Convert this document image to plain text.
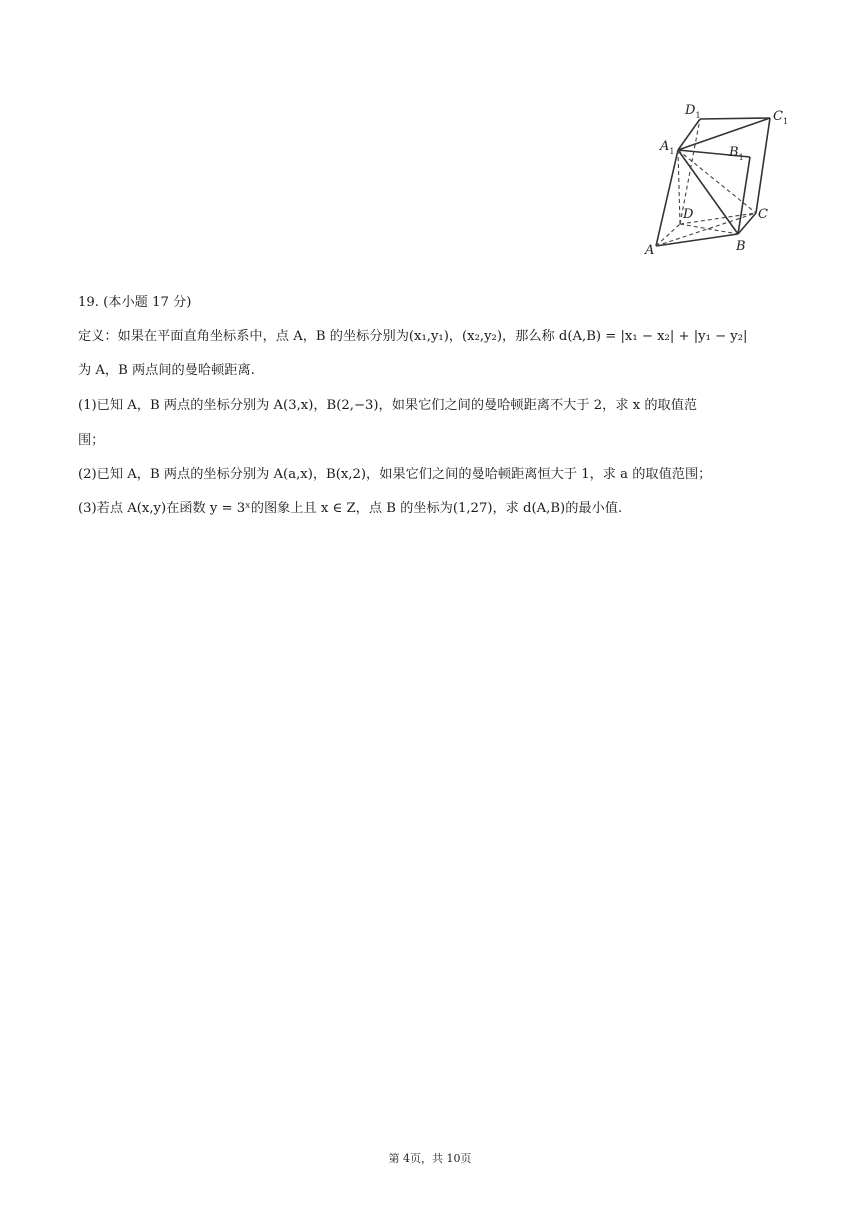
$D_1$	$C_1$
$A_1$	$B_1$
D	C
A	B
19. (本小题 17 分)
定义：如果在平面直角坐标系中，点 A，B 的坐标分别为(x₁,y₁)，(x₂,y₂)，那么称 d(A,B) = |x₁ − x₂| + |y₁ − y₂|
为 A，B 两点间的曼哈顿距离.
(1)已知 A，B 两点的坐标分别为 A(3,x)，B(2,−3)，如果它们之间的曼哈顿距离不大于 2，求 x 的取值范
围；
(2)已知 A，B 两点的坐标分别为 A(a,x)，B(x,2)，如果它们之间的曼哈顿距离恒大于 1，求 a 的取值范围；
(3)若点 A(x,y)在函数 y = 3ˣ的图象上且 x ∈ Z，点 B 的坐标为(1,27)，求 d(A,B)的最小值.
第 4页，共 10页
